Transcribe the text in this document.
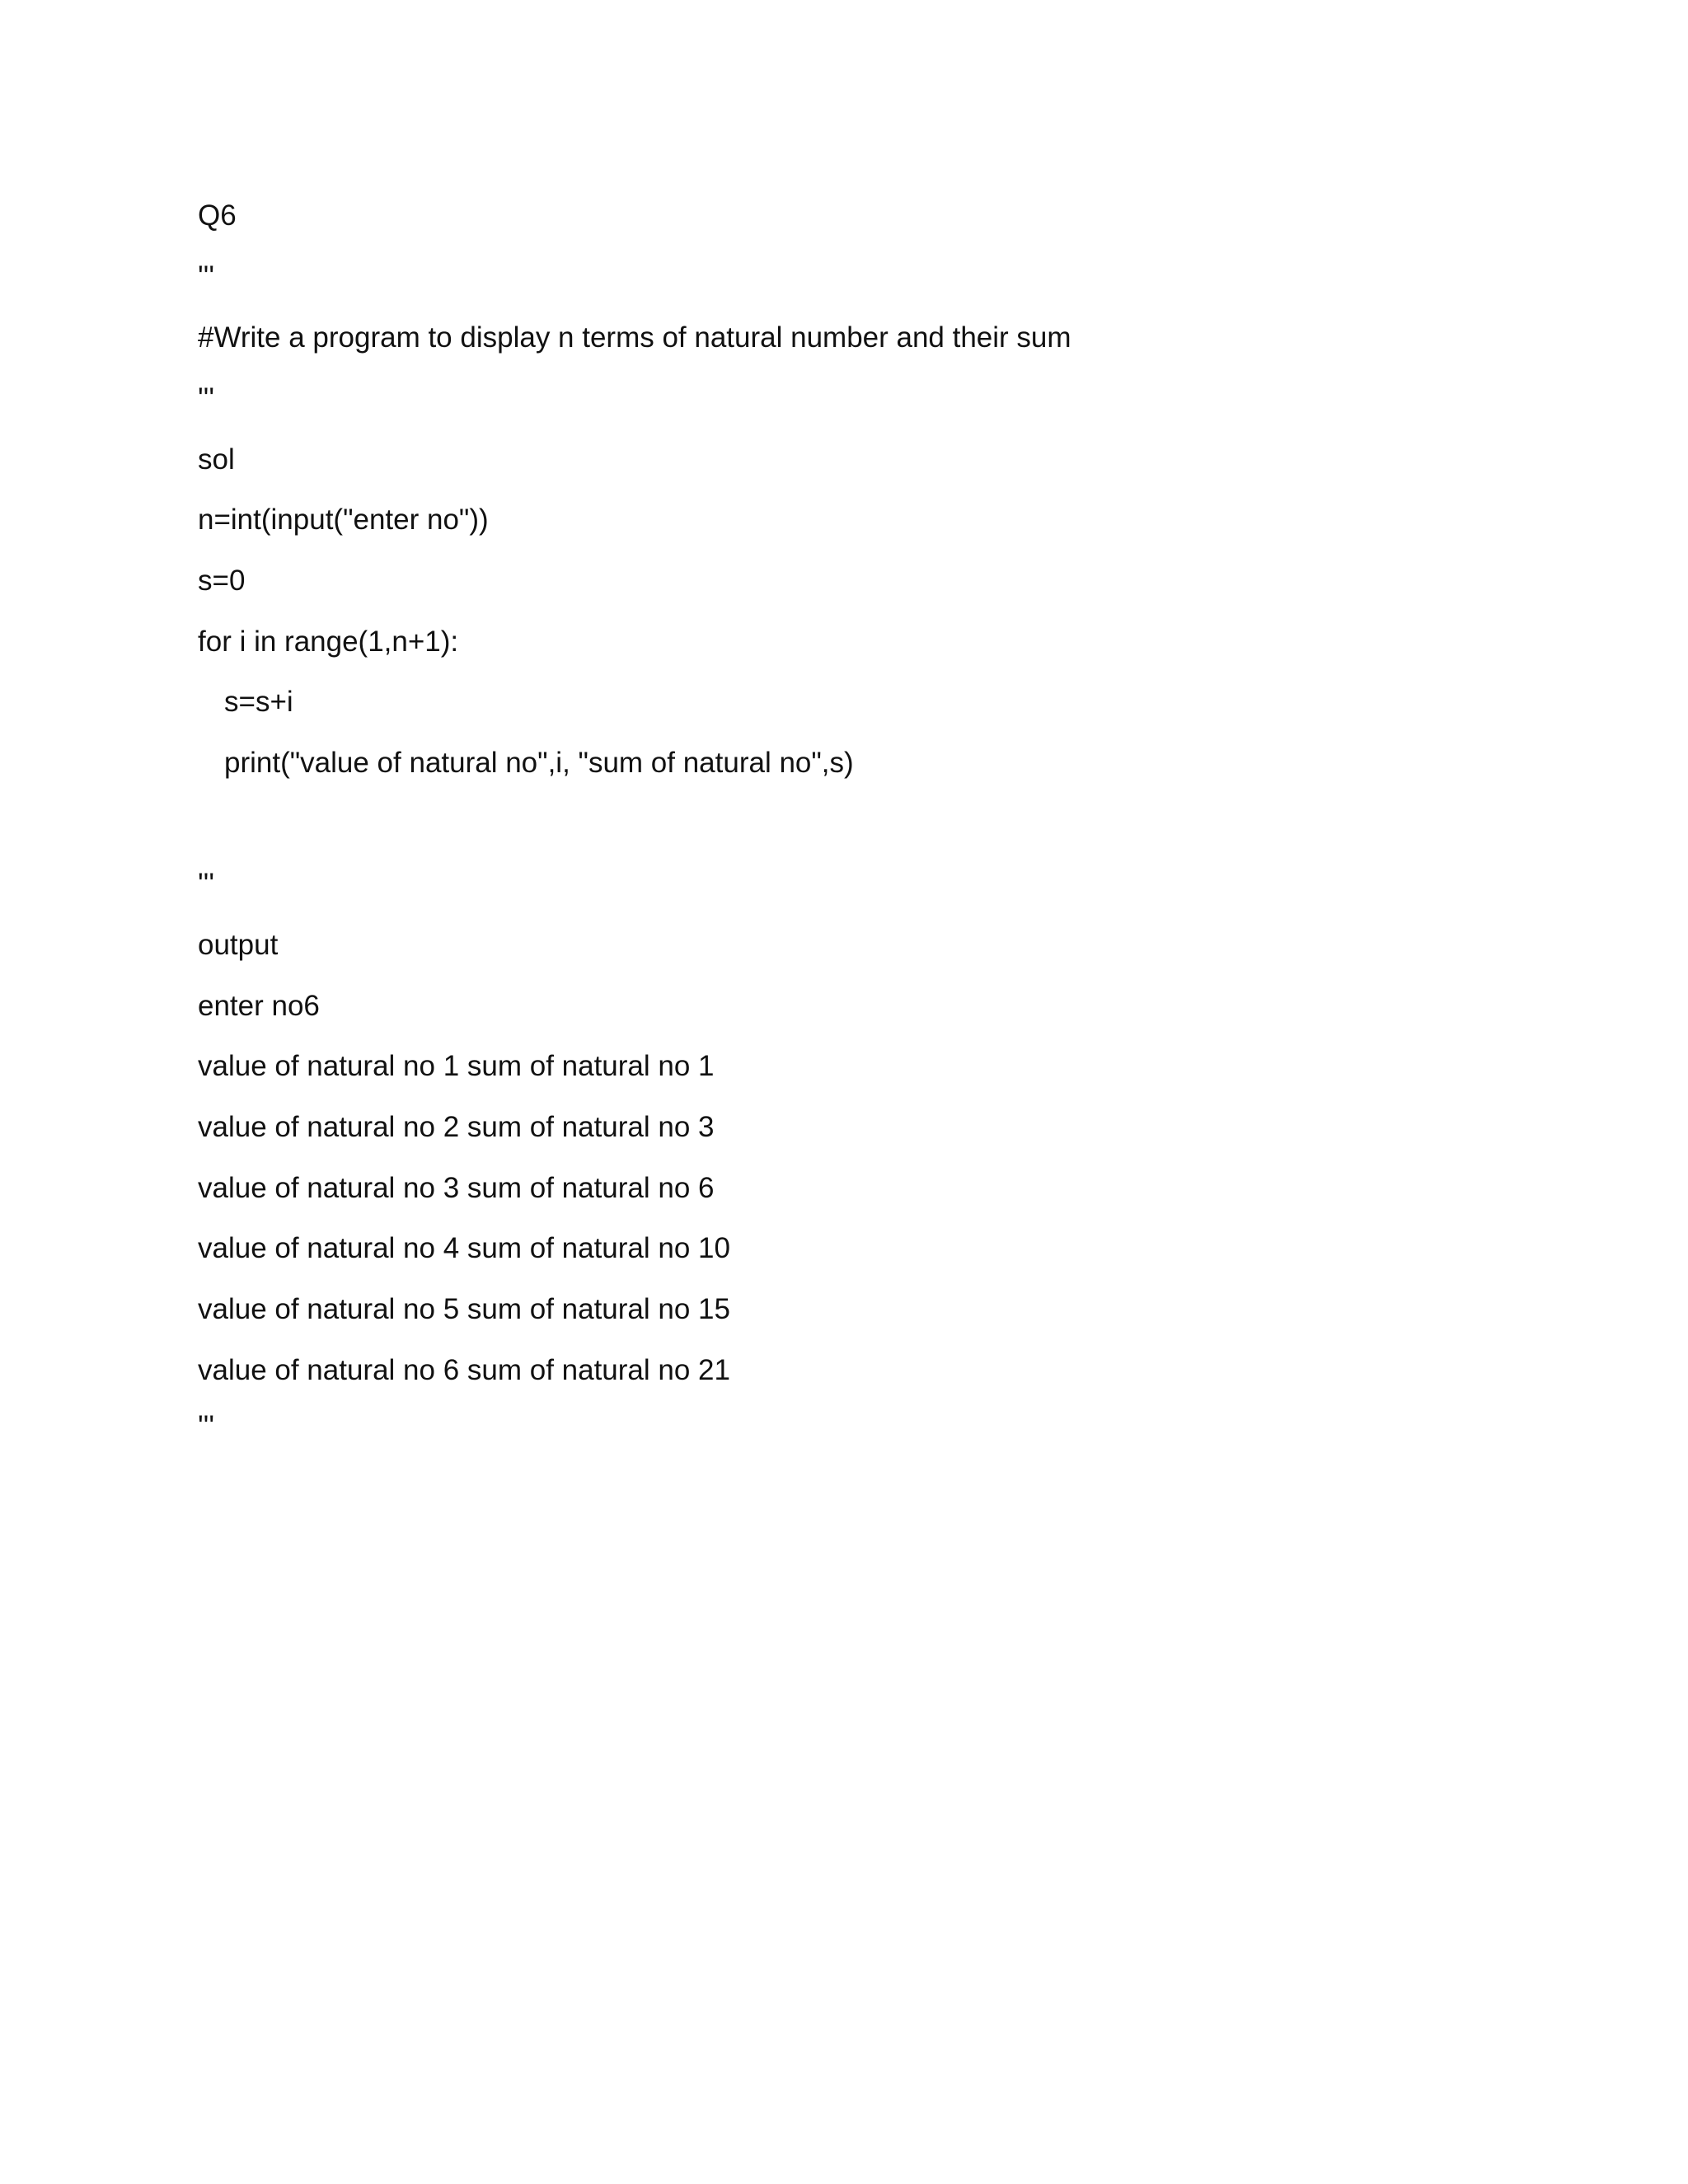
Q6

'''

#Write a program to display n terms of natural number and their sum

'''

sol

n=int(input("enter no"))

s=0

for i in range(1,n+1):

s=s+i

print("value of natural no",i, "sum of natural no",s)

'''

output

enter no6

value of natural no 1 sum of natural no 1

value of natural no 2 sum of natural no 3

value of natural no 3 sum of natural no 6

value of natural no 4 sum of natural no 10

value of natural no 5 sum of natural no 15

value of natural no 6 sum of natural no 21

'''
